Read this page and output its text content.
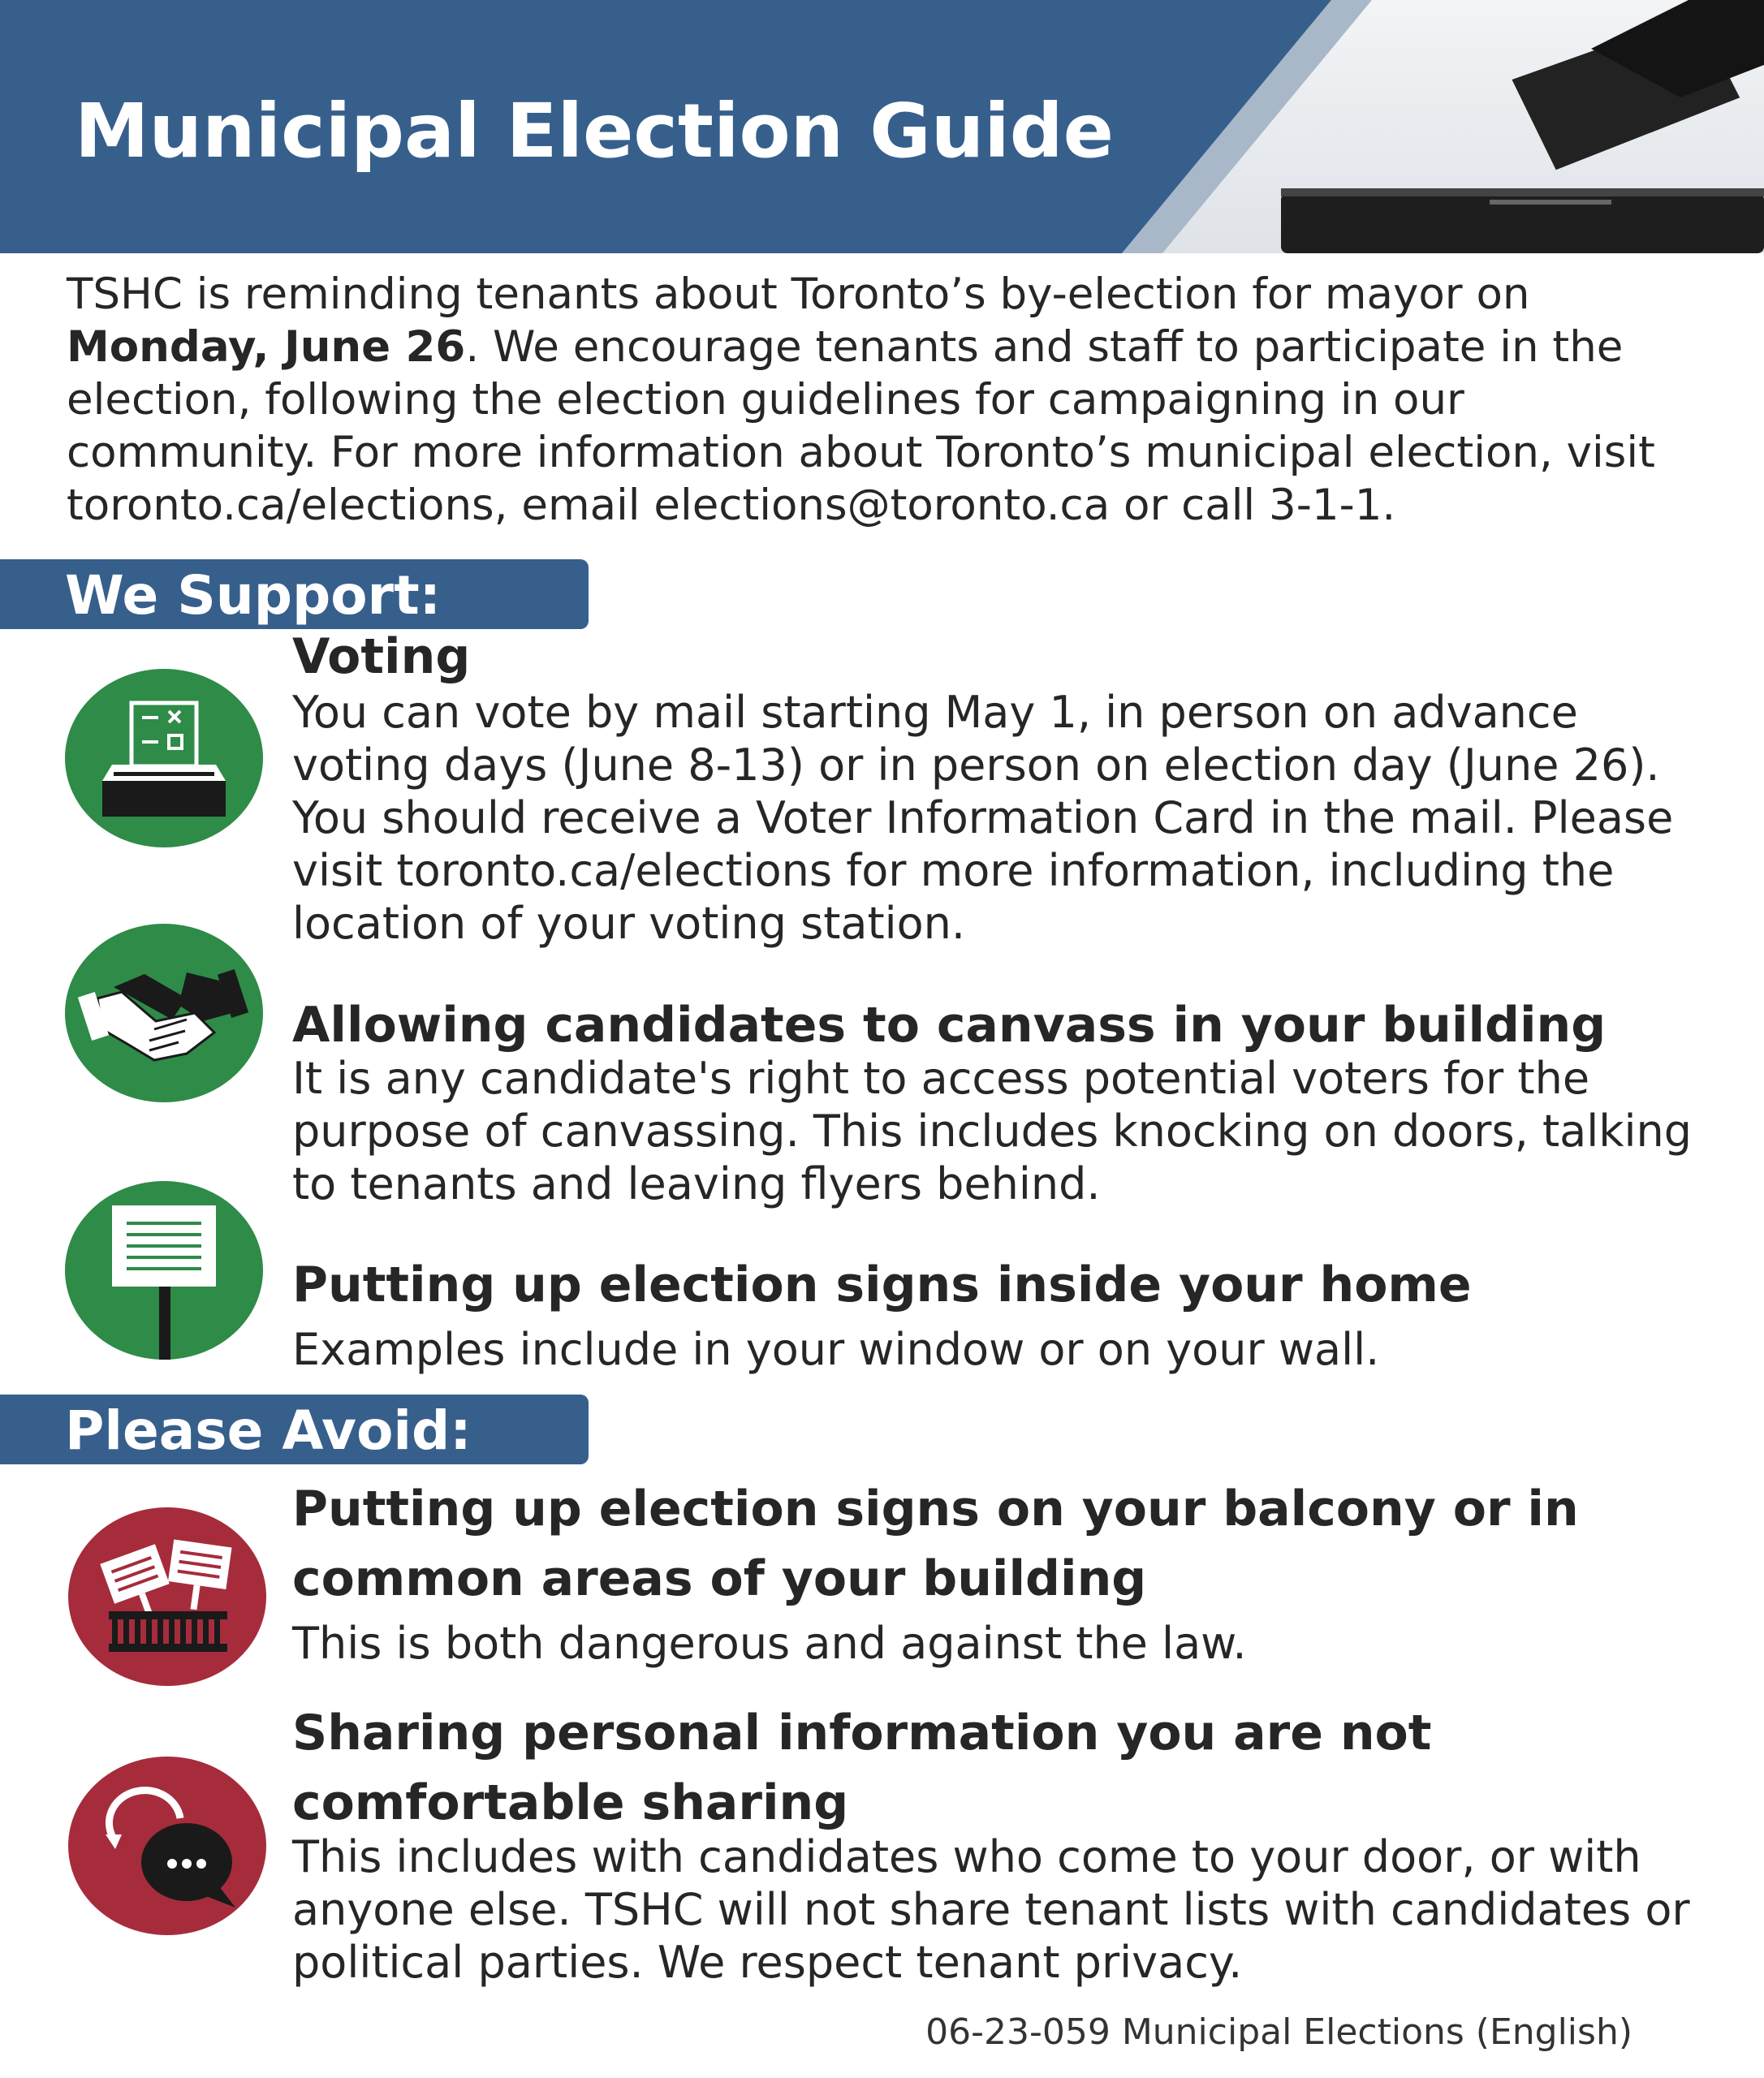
Municipal Election Guide
TSHC is reminding tenants about Toronto’s by-election for mayor on Monday, June 26. We encourage tenants and staff to participate in the election, following the election guidelines for campaigning in our community. For more information about Toronto’s municipal election, visit toronto.ca/elections, email elections@toronto.ca or call 3-1-1.
We Support:
Voting
You can vote by mail starting May 1, in person on advance voting days (June 8-13) or in person on election day (June 26). You should receive a Voter Information Card in the mail. Please visit toronto.ca/elections for more information, including the location of your voting station.
Allowing candidates to canvass in your building
It is any candidate's right to access potential voters for the purpose of canvassing. This includes knocking on doors, talking to tenants and leaving flyers behind.
Putting up election signs inside your home
Examples include in your window or on your wall.
Please Avoid:
Putting up election signs on your balcony or in common areas of your building
This is both dangerous and against the law.
Sharing personal information you are not comfortable sharing
This includes with candidates who come to your door, or with anyone else. TSHC will not share tenant lists with candidates or political parties. We respect tenant privacy.
06-23-059 Municipal Elections (English)
